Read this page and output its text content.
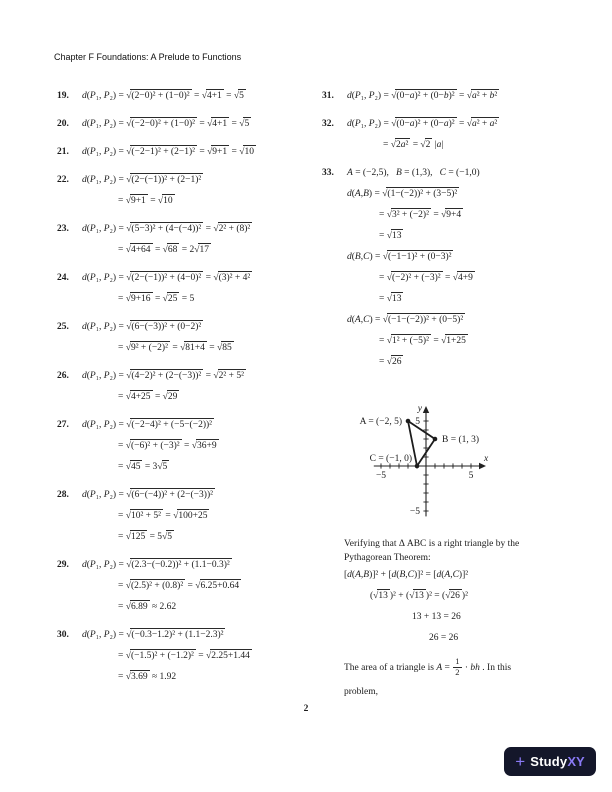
Chapter F Foundations: A Prelude to Functions
19.	d(P₁, P₂) = √(2−0)² + (1−0)² = √4+1 = √5
20.	d(P₁, P₂) = √(−2−0)² + (1−0)² = √4+1 = √5
21.	d(P₁, P₂) = √(−2−1)² + (2−1)² = √9+1 = √10
22.	d(P₁, P₂) = √(2−(−1))² + (2−1)²
= √9+1 = √10
23.	d(P₁, P₂) = √(5−3)² + (4−(−4))² = √2² + (8)²
= √4+64 = √68 = 2√17
24.	d(P₁, P₂) = √(2−(−1))² + (4−0)² = √(3)² + 4²
= √9+16 = √25 = 5
25.	d(P₁, P₂) = √(6−(−3))² + (0−2)²
= √9² + (−2)² = √81+4 = √85
26.	d(P₁, P₂) = √(4−2)² + (2−(−3))² = √2² + 5²
= √4+25 = √29
27.	d(P₁, P₂) = √(−2−4)² + (−5−(−2))²
= √(−6)² + (−3)² = √36+9
= √45 = 3√5
28.	d(P₁, P₂) = √(6−(−4))² + (2−(−3))²
= √10² + 5² = √100+25
= √125 = 5√5
29.	d(P₁, P₂) = √(2.3−(−0.2))² + (1.1−0.3)²
= √(2.5)² + (0.8)² = √6.25+0.64
= √6.89 ≈ 2.62
30.	d(P₁, P₂) = √(−0.3−1.2)² + (1.1−2.3)²
= √(−1.5)² + (−1.2)² = √2.25+1.44
= √3.69 ≈ 1.92
31.	d(P₁, P₂) = √(0−a)² + (0−b)² = √a² + b²
32.	d(P₁, P₂) = √(0−a)² + (0−a)² = √a² + a²
= √2a² = √2 |a|
33.	A = (−2,5),  B = (1,3),  C = (−1,0)
d(A,B) = √(1−(−2))² + (3−5)²
= √3² + (−2)² = √9+4
= √13
d(B,C) = √(−1−1)² + (0−3)²
= √(−2)² + (−3)² = √4+9
= √13
d(A,C) = √(−1−(−2))² + (0−5)²
= √1² + (−5)² = √1+25
= √26
−5	5
5
−5
x
y
A = (−2, 5)
B = (1, 3)
C = (−1, 0)
Verifying that Δ ABC is a right triangle by the
Pythagorean Theorem:
[d(A,B)]² + [d(B,C)]² = [d(A,C)]²
(√13 )² + (√13 )² = (√26 )²
13 + 13 = 26
26 = 26
The area of a triangle is $A = \frac{1}{2}$ · bh . In this
problem,
2
+ Study XY
